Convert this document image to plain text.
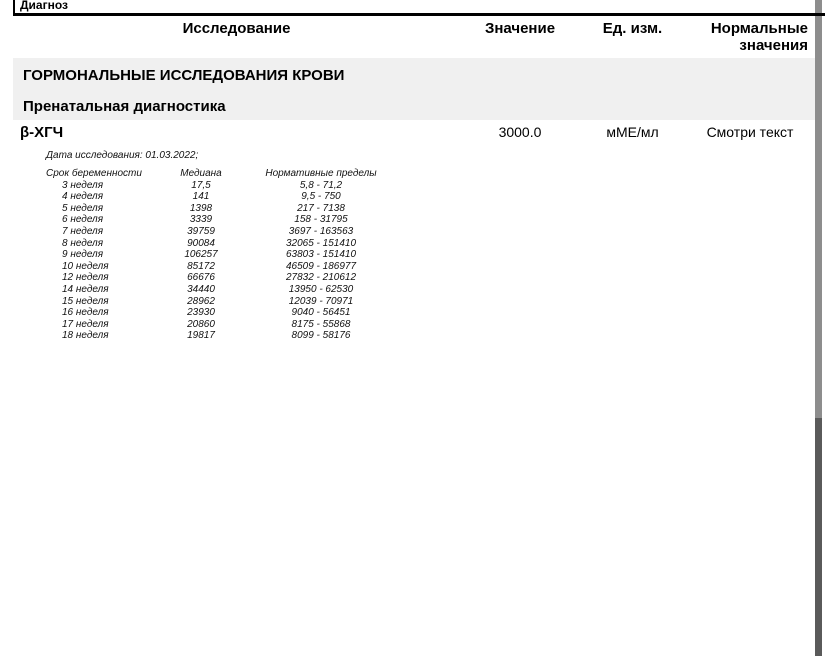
Диагноз
Исследование	Значение	Ед. изм.	Нормальные значения
ГОРМОНАЛЬНЫЕ ИССЛЕДОВАНИЯ КРОВИ
Пренатальная диагностика
β-ХГЧ	3000.0	мМЕ/мл	Смотри текст
Дата исследования: 01.03.2022;
Срок беременности	Медиана	Нормативные пределы
3 неделя	17,5	5,8 - 71,2
4 неделя	141	9,5 - 750
5 неделя	1398	217 - 7138
6 неделя	3339	158 - 31795
7 неделя	39759	3697 - 163563
8 неделя	90084	32065 - 151410
9 неделя	106257	63803 - 151410
10 неделя	85172	46509 - 186977
12 неделя	66676	27832 - 210612
14 неделя	34440	13950 - 62530
15 неделя	28962	12039 - 70971
16 неделя	23930	9040 - 56451
17 неделя	20860	8175 - 55868
18 неделя	19817	8099 - 58176
